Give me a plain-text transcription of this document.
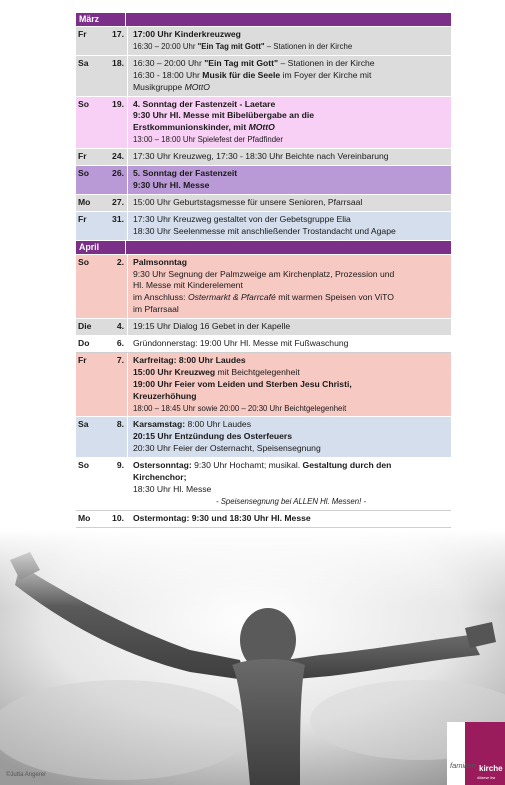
März
Fr	17.	17:00 Uhr Kinderkreuzweg
16:30 – 20:00 Uhr "Ein Tag mit Gott" – Stationen in der Kirche
Sa	18.	16:30 – 20:00 Uhr "Ein Tag mit Gott" – Stationen in der Kirche
16:30 - 18:00 Uhr Musik für die Seele im Foyer der Kirche mit
Musikgruppe MOttO
So	19.	4. Sonntag der Fastenzeit - Laetare
9:30 Uhr Hl. Messe mit Bibelübergabe an die
Erstkommunionskinder, mit MOttO
13:00 – 18:00 Uhr Spielefest der Pfadfinder
Fr	24.	17:30 Uhr Kreuzweg, 17:30 - 18:30 Uhr Beichte nach Vereinbarung
So	26.	5. Sonntag der Fastenzeit
9:30 Uhr Hl. Messe
Mo	27.	15:00 Uhr Geburtstagsmesse für unsere Senioren, Pfarrsaal
Fr	31.	17:30 Uhr Kreuzweg gestaltet von der Gebetsgruppe Elia
18:30 Uhr Seelenmesse mit anschließender Trostandacht und Agape
April
So	2.	Palmsonntag
9:30 Uhr Segnung der Palmzweige am Kirchenplatz, Prozession und
Hl. Messe mit Kinderelement
im Anschluss: Ostermarkt & Pfarrcafé mit warmen Speisen von ViTO
im Pfarrsaal
Die	4.	19:15 Uhr Dialog 16 Gebet in der Kapelle
Do	6.	Gründonnerstag: 19:00 Uhr Hl. Messe mit Fußwaschung
Fr	7.	Karfreitag: 8:00 Uhr Laudes
15:00 Uhr Kreuzweg mit Beichtgelegenheit
19:00 Uhr Feier vom Leiden und Sterben Jesu Christi,
Kreuzerhöhung
18:00 – 18:45 Uhr sowie 20:00 – 20:30 Uhr Beichtgelegenheit
Sa	8.	Karsamstag: 8:00 Uhr Laudes
20:15 Uhr Entzündung des Osterfeuers
20:30 Uhr Feier der Osternacht, Speisensegnung
So	9.	Ostersonntag: 9:30 Uhr Hochamt; musikal. Gestaltung durch den
Kirchenchor;
18:30 Uhr Hl. Messe
- Speisensegnung bei ALLEN Hl. Messen! -
Mo	10.	Ostermontag: 9:30 und 18:30 Uhr Hl. Messe
©Jutta Angerer
familien kirche
diözese linz
